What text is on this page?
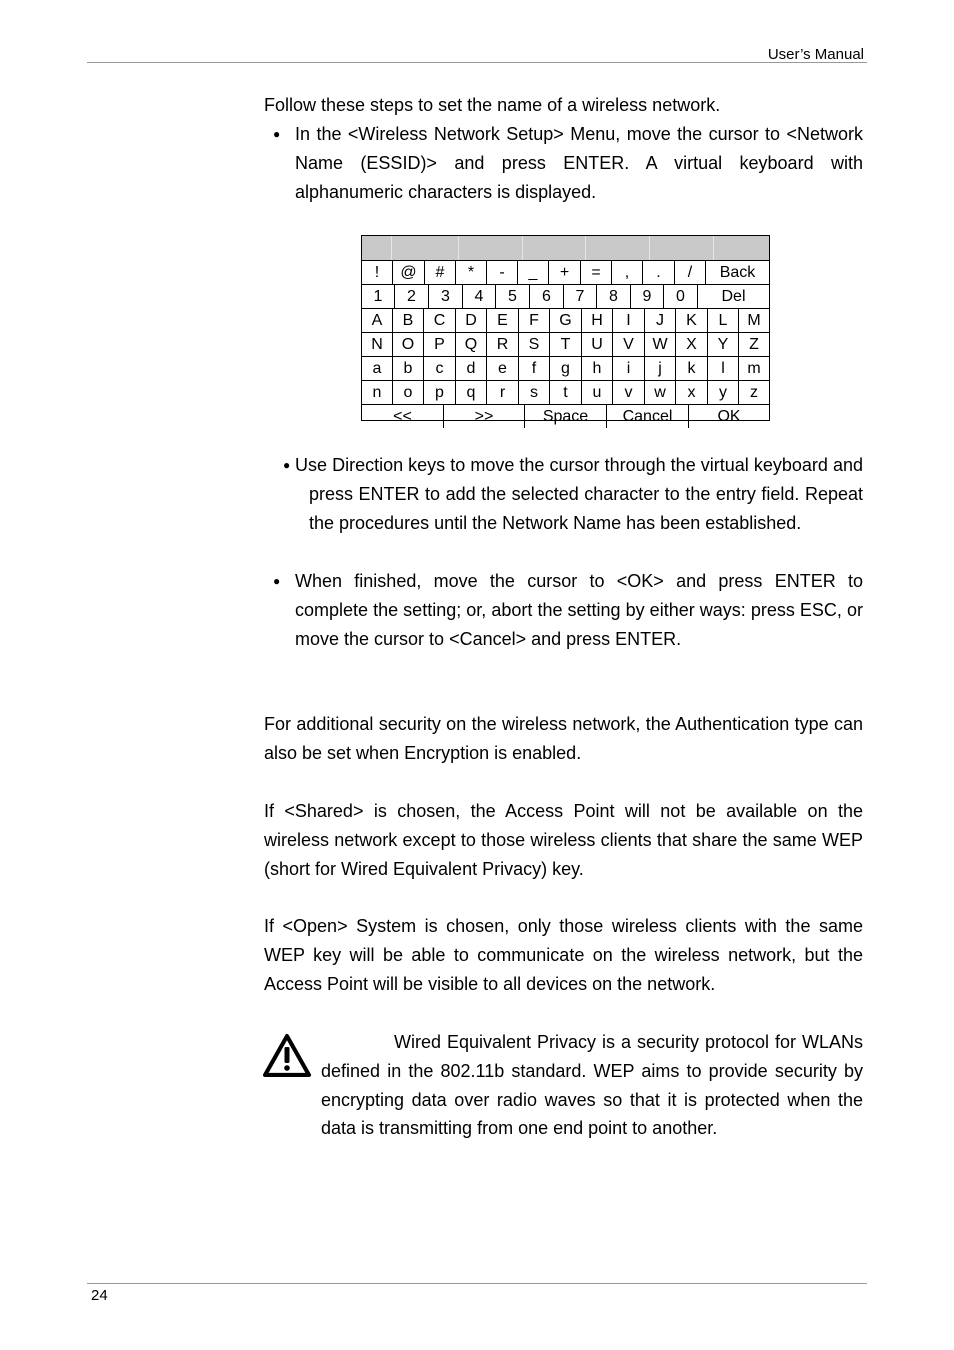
User’s Manual
Follow these steps to set the name of a wireless network.
● In the <Wireless Network Setup> Menu, move the cursor to <Network Name (ESSID)> and press ENTER. A virtual keyboard with alphanumeric characters is displayed.
!	@	#	*	-	_	+	=	,	.	/	Back
1	2	3	4	5	6	7	8	9	0	Del
A	B	C	D	E	F	G	H	I	J	K	L	M
N	O	P	Q	R	S	T	U	V	W	X	Y	Z
a	b	c	d	e	f	g	h	i	j	k	l	m
n	o	p	q	r	s	t	u	v	w	x	y	z
<<	>>	Space	Cancel	OK
● Use Direction keys to move the cursor through the virtual keyboard and press ENTER to add the selected character to the entry field. Repeat the procedures until the Network Name has been established.
● When finished, move the cursor to <OK> and press ENTER to complete the setting; or, abort the setting by either ways: press ESC, or move the cursor to <Cancel> and press ENTER.
For additional security on the wireless network, the Authentication type can also be set when Encryption is enabled.
If <Shared> is chosen, the Access Point will not be available on the wireless network except to those wireless clients that share the same WEP (short for Wired Equivalent Privacy) key.
If <Open> System is chosen, only those wireless clients with the same WEP key will be able to communicate on the wireless network, but the Access Point will be visible to all devices on the network.
Wired Equivalent Privacy is a security protocol for WLANs defined in the 802.11b standard. WEP aims to provide security by encrypting data over radio waves so that it is protected when the data is transmitting from one end point to another.
24
